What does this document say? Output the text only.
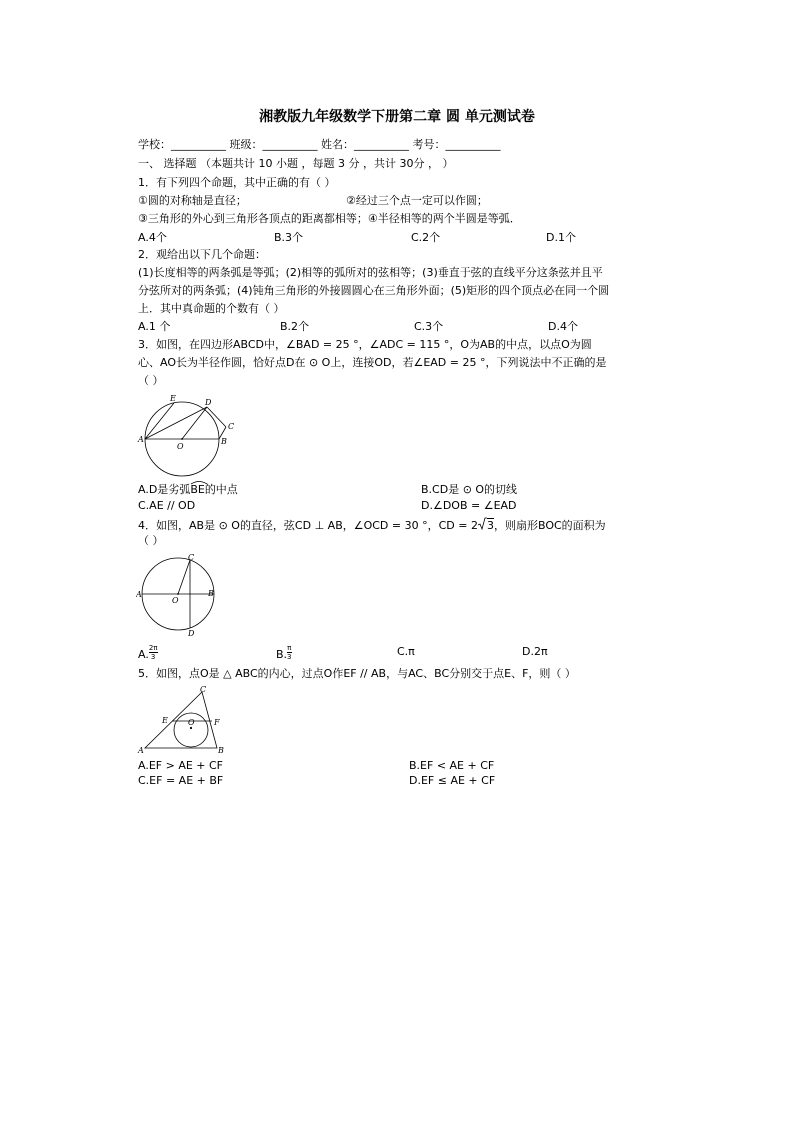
湘教版九年级数学下册第二章 圆 单元测试卷
学校：__________ 班级：__________ 姓名：__________ 考号：__________
一、 选择题 （本题共计 10 小题 ，每题 3 分 ，共计 30分 ， ）
1．有下列四个命题，其中正确的有（ ）
①圆的对称轴是直径；	②经过三个点一定可以作圆；
③三角形的外心到三角形各顶点的距离都相等；④半径相等的两个半圆是等弧．
A.4个	B.3个	C.2个	D.1个
2．观给出以下几个命题：
(1)长度相等的两条弧是等弧；(2)相等的弧所对的弦相等；(3)垂直于弦的直线平分这条弦并且平
分弦所对的两条弧；(4)钝角三角形的外接圆圆心在三角形外面；(5)矩形的四个顶点必在同一个圆
上．其中真命题的个数有（ ）
A.1 个	B.2个	C.3个	D.4个
3．如图，在四边形ABCD中，∠BAD = 25 °，∠ADC = 115 °，O为AB的中点，以点O为圆
心、AO长为半径作圆，恰好点D在 ⊙ O上，连接OD，若∠EAD = 25 °，下列说法中不正确的是
（ ）
A	B
C
D
E
O
A.D是劣弧
BE的中点	B.CD是 ⊙ O的切线
C.AE // OD	D.∠DOB = ∠EAD
4．如图，AB是 ⊙ O的直径，弦CD ⊥ AB，∠OCD = 30 °，CD = 2 3，则扇形BOC的面积为
（ ）
A	B
C
D
O
A. $\frac{2\pi}{3}$	B. $\frac{\pi}{3}$	C.π	D.2π
5．如图，点O是 △ ABC的内心，过点O作EF // AB，与AC、BC分别交于点E、F，则（ ）
A	B
C
E	F
O
A.EF > AE + CF	B.EF < AE + CF
C.EF = AE + BF	D.EF ≤ AE + CF
